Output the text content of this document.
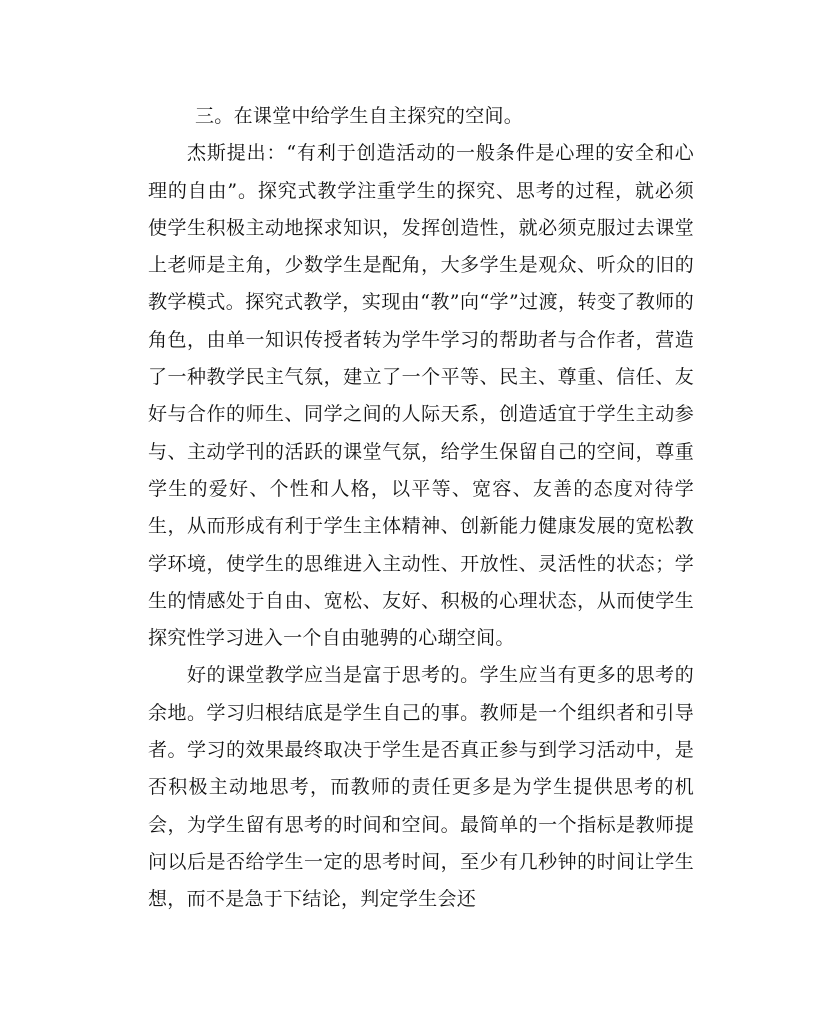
三。在课堂中给学生自主探究的空间。

杰斯提出：“有利于创造活动的一般条件是心理的安全和心理的自由”。探究式教学注重学生的探究、思考的过程，就必须使学生积极主动地探求知识，发挥创造性，就必须克服过去课堂上老师是主角，少数学生是配角，大多学生是观众、听众的旧的教学模式。探究式教学，实现由“教”向“学”过渡，转变了教师的角色，由单一知识传授者转为学牛学习的帮助者与合作者，营造了一种教学民主气氛，建立了一个平等、民主、尊重、信任、友好与合作的师生、同学之间的人际天系，创造适宜于学生主动参与、主动学刊的活跃的课堂气氛，给学生保留自己的空间，尊重学生的爱好、个性和人格，以平等、宽容、友善的态度对待学生，从而形成有利于学生主体精神、创新能力健康发展的宽松教学环境，使学生的思维进入主动性、开放性、灵活性的状态；学生的情感处于自由、宽松、友好、积极的心理状态，从而使学生探究性学习进入一个自由驰骋的心瑚空间。

好的课堂教学应当是富于思考的。学生应当有更多的思考的余地。学习归根结底是学生自己的事。教师是一个组织者和引导者。学习的效果最终取决于学生是否真正参与到学习活动中，是否积极主动地思考，而教师的责任更多是为学生提供思考的机会，为学生留有思考的时间和空间。最简单的一个指标是教师提问以后是否给学生一定的思考时间，至少有几秒钟的时间让学生想，而不是急于下结论，判定学生会还
